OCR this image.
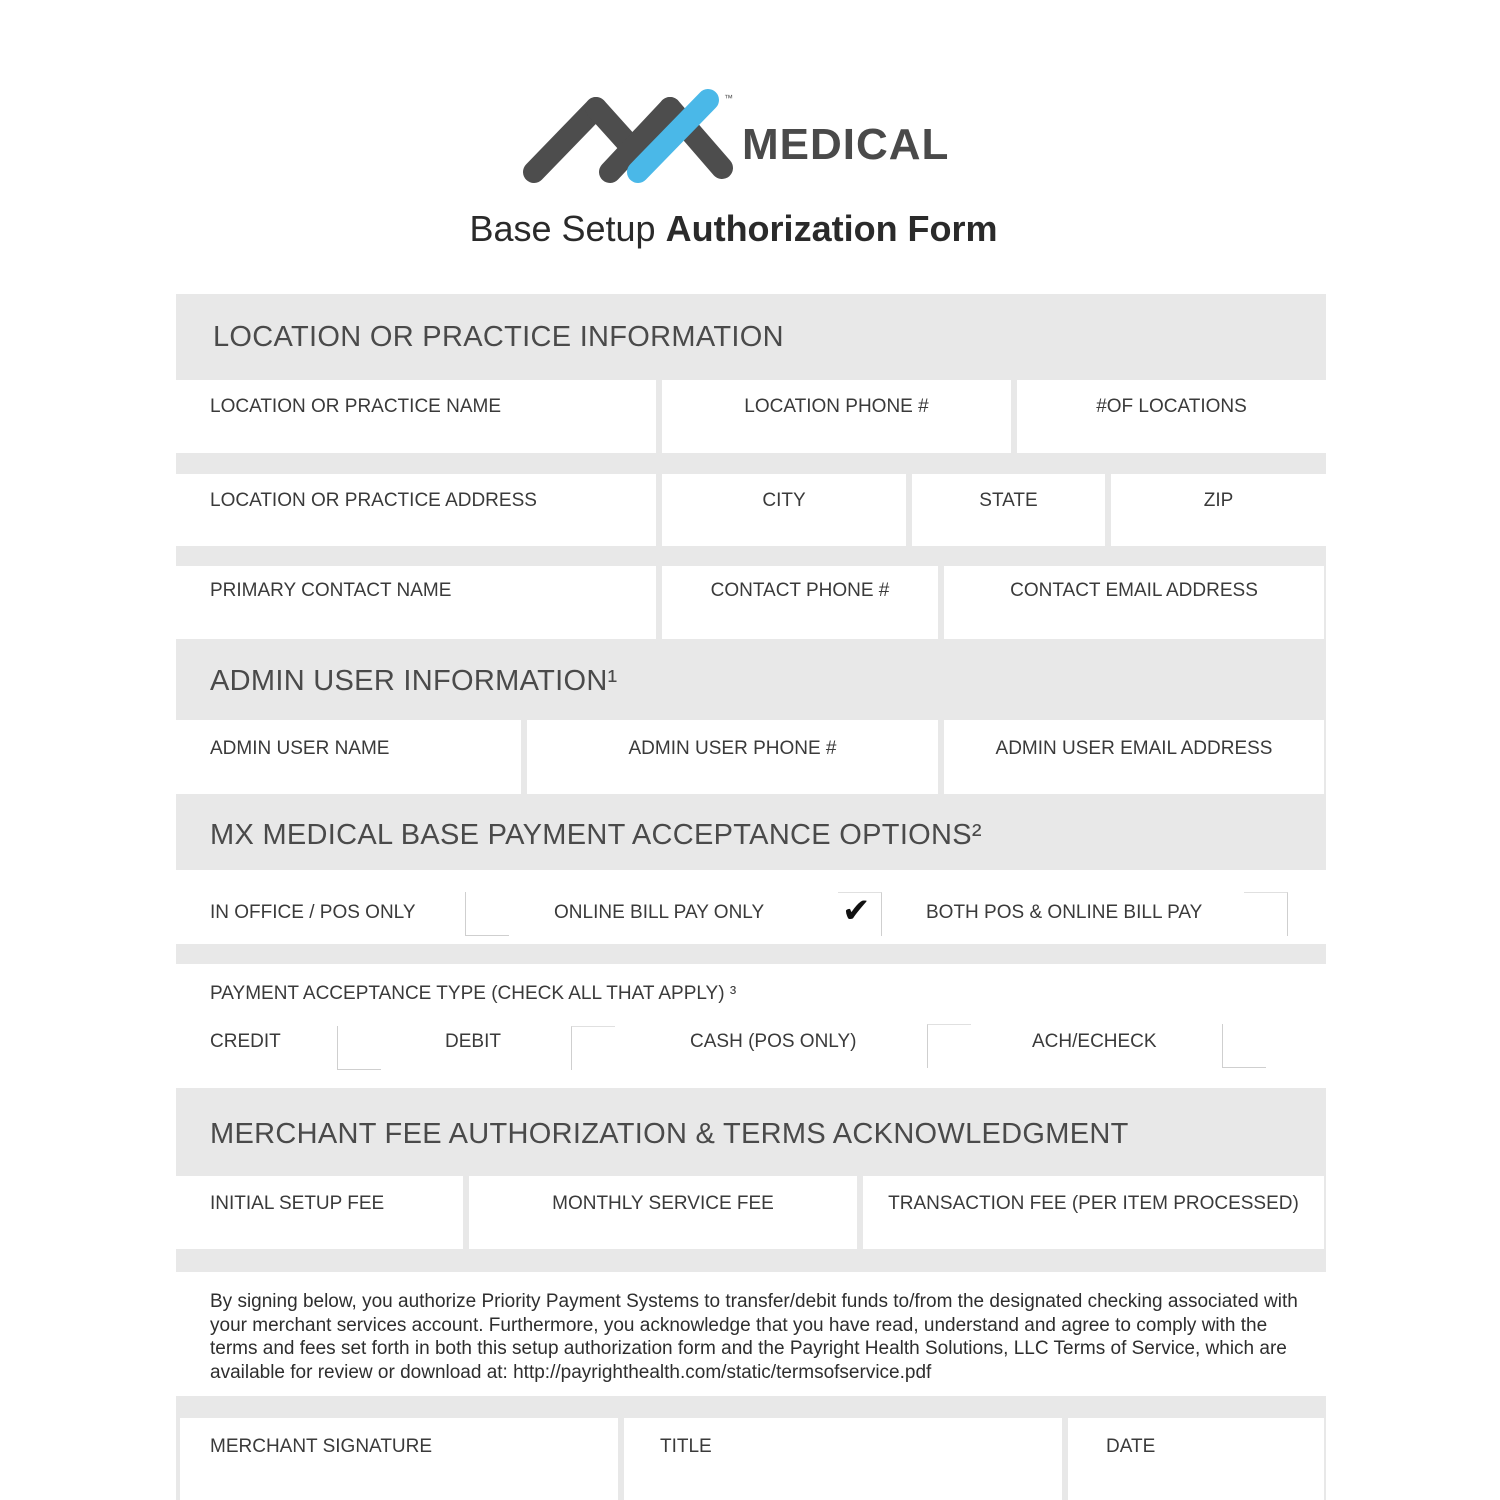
™
MEDICAL
Base Setup Authorization Form
LOCATION OR PRACTICE INFORMATION
LOCATION OR PRACTICE NAME	LOCATION PHONE #	#OF LOCATIONS
LOCATION OR PRACTICE ADDRESS	CITY	STATE	ZIP
PRIMARY CONTACT NAME	CONTACT PHONE #	CONTACT EMAIL ADDRESS
ADMIN USER INFORMATION¹
ADMIN USER NAME	ADMIN USER PHONE #	ADMIN USER EMAIL ADDRESS
MX MEDICAL BASE PAYMENT ACCEPTANCE OPTIONS²
IN OFFICE / POS ONLY	ONLINE BILL PAY ONLY ✔	BOTH POS & ONLINE BILL PAY
PAYMENT ACCEPTANCE TYPE (CHECK ALL THAT APPLY) ³
CREDIT	DEBIT	CASH (POS ONLY)	ACH/ECHECK
MERCHANT FEE AUTHORIZATION & TERMS ACKNOWLEDGMENT
INITIAL SETUP FEE	MONTHLY SERVICE FEE	TRANSACTION FEE (PER ITEM PROCESSED)
By signing below, you authorize Priority Payment Systems to transfer/debit funds to/from the designated checking associated with your merchant services account. Furthermore, you acknowledge that you have read, understand and agree to comply with the terms and fees set forth in both this setup authorization form and the Payright Health Solutions, LLC Terms of Service, which are available for review or download at: http://payrighthealth.com/static/termsofservice.pdf
MERCHANT SIGNATURE	TITLE	DATE
